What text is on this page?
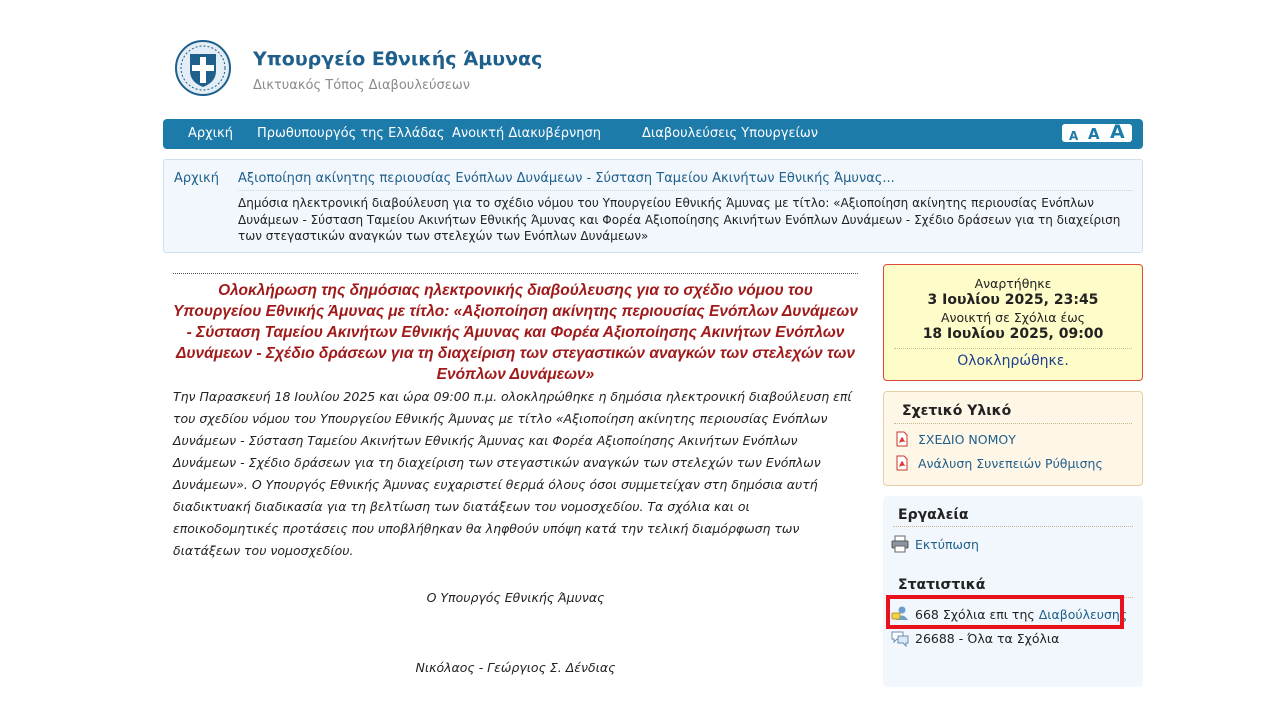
Υπουργείο Εθνικής Άμυνας
Δικτυακός Τόπος Διαβουλεύσεων
Αρχική Πρωθυπουργός της Ελλάδας Ανοικτή Διακυβέρνηση	Διαβουλεύσεις Υπουργείων	A A A
Αρχική Αξιοποίηση ακίνητης περιουσίας Ενόπλων Δυνάμεων - Σύσταση Ταμείου Ακινήτων Εθνικής Άμυνας...
Δημόσια ηλεκτρονική διαβούλευση για το σχέδιο νόμου του Υπουργείου Εθνικής Άμυνας με τίτλο: «Αξιοποίηση ακίνητης περιουσίας Ενόπλων Δυνάμεων - Σύσταση Ταμείου Ακινήτων Εθνικής Άμυνας και Φορέα Αξιοποίησης Ακινήτων Ενόπλων Δυνάμεων - Σχέδιο δράσεων για τη διαχείριση των στεγαστικών αναγκών των στελεχών των Ενόπλων Δυνάμεων»
Ολοκλήρωση της δημόσιας ηλεκτρονικής διαβούλευσης για το σχέδιο νόμου του Υπουργείου Εθνικής Άμυνας με τίτλο: «Αξιοποίηση ακίνητης περιουσίας Ενόπλων Δυνάμεων - Σύσταση Ταμείου Ακινήτων Εθνικής Άμυνας και Φορέα Αξιοποίησης Ακινήτων Ενόπλων Δυνάμεων - Σχέδιο δράσεων για τη διαχείριση των στεγαστικών αναγκών των στελεχών των Ενόπλων Δυνάμεων»
Την Παρασκευή 18 Ιουλίου 2025 και ώρα 09:00 π.μ. ολοκληρώθηκε η δημόσια ηλεκτρονική διαβούλευση επί του σχεδίου νόμου του Υπουργείου Εθνικής Άμυνας με τίτλο «Αξιοποίηση ακίνητης περιουσίας Ενόπλων Δυνάμεων - Σύσταση Ταμείου Ακινήτων Εθνικής Άμυνας και Φορέα Αξιοποίησης Ακινήτων Ενόπλων Δυνάμεων - Σχέδιο δράσεων για τη διαχείριση των στεγαστικών αναγκών των στελεχών των Ενόπλων Δυνάμεων». Ο Υπουργός Εθνικής Άμυνας ευχαριστεί θερμά όλους όσοι συμμετείχαν στη δημόσια αυτή διαδικτυακή διαδικασία για τη βελτίωση των διατάξεων του νομοσχεδίου. Τα σχόλια και οι εποικοδομητικές προτάσεις που υποβλήθηκαν θα ληφθούν υπόψη κατά την τελική διαμόρφωση των διατάξεων του νομοσχεδίου.
Ο Υπουργός Εθνικής Άμυνας
Νικόλαος - Γεώργιος Σ. Δένδιας
Αναρτήθηκε
3 Ιουλίου 2025, 23:45
Ανοικτή σε Σχόλια έως
18 Ιουλίου 2025, 09:00
Ολοκληρώθηκε.
Σχετικό Υλικό
ΣΧΕΔΙΟ ΝΟΜΟΥ
Ανάλυση Συνεπειών Ρύθμισης
Εργαλεία
Εκτύπωση
Στατιστικά
668 Σχόλια επι της Διαβούλευσης
26688 - Όλα τα Σχόλια
